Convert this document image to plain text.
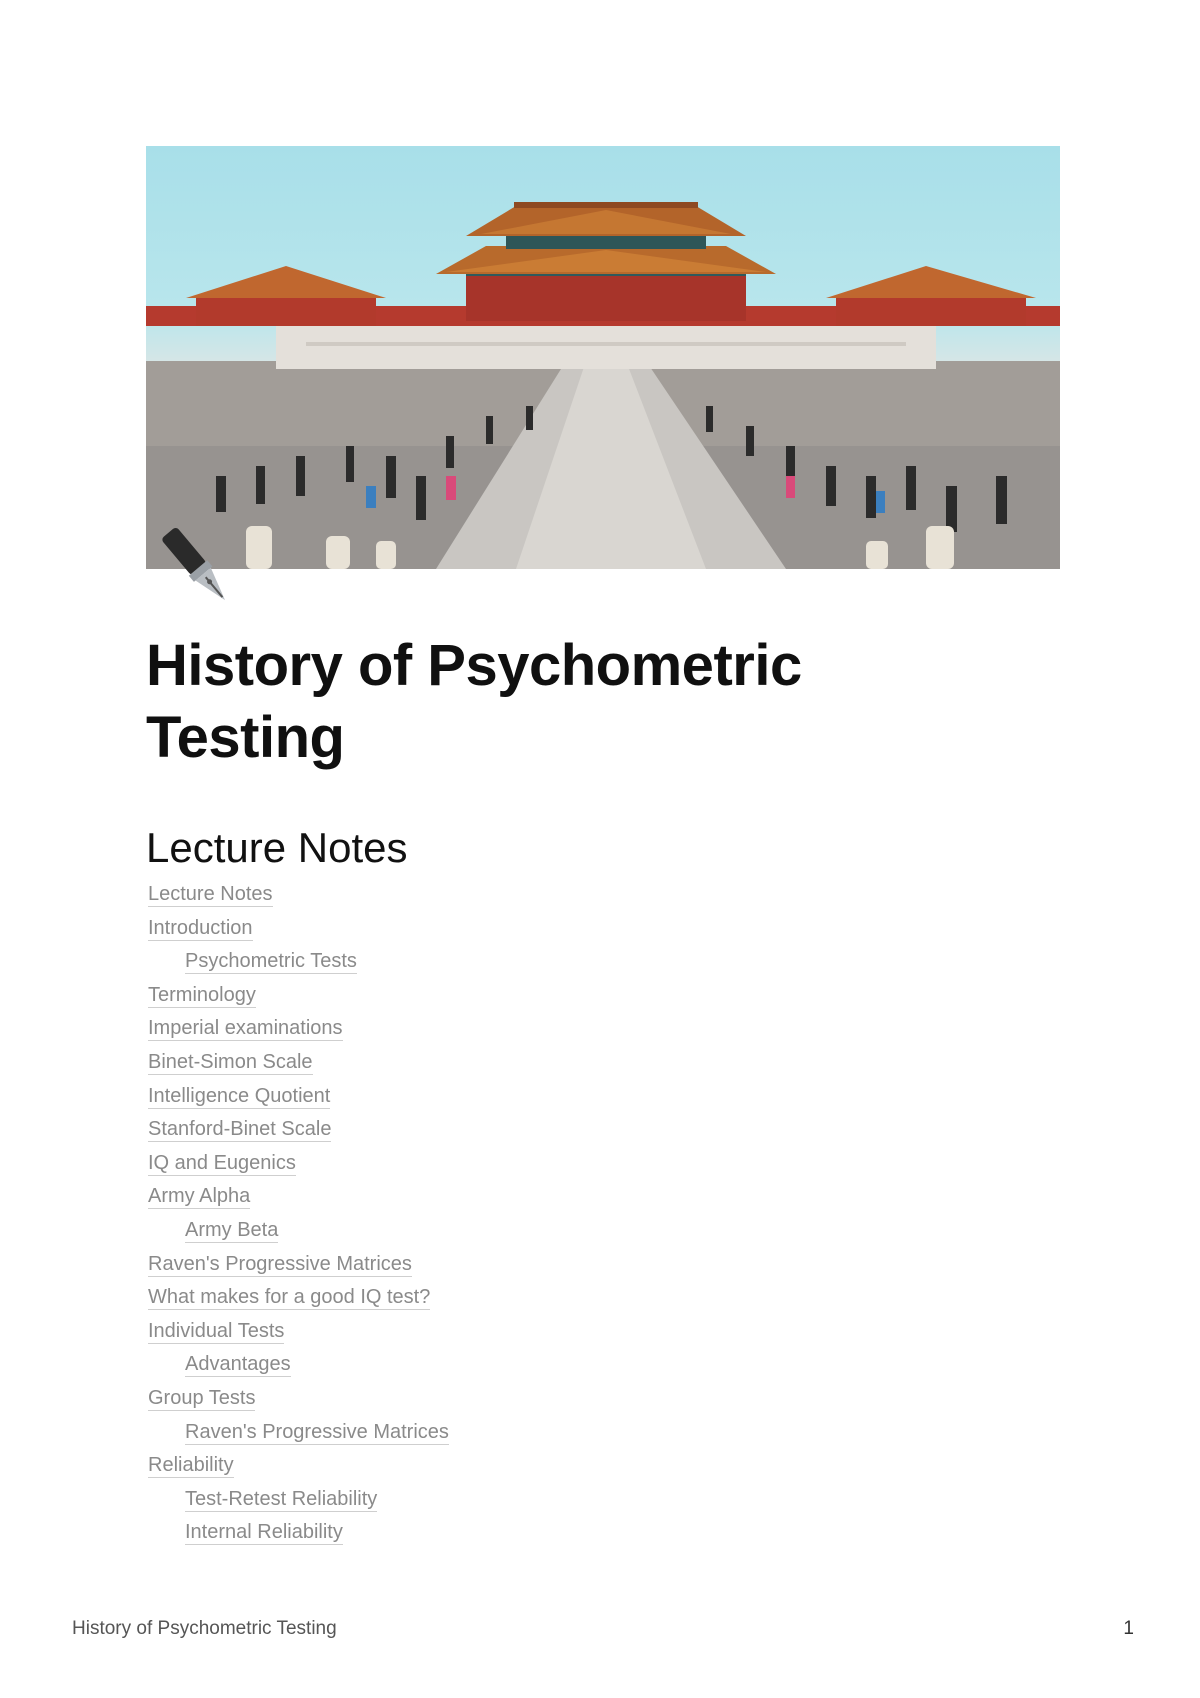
History of Psychometric Testing
Lecture Notes
Lecture Notes
Introduction
Psychometric Tests
Terminology
Imperial examinations
Binet-Simon Scale
Intelligence Quotient
Stanford-Binet Scale
IQ and Eugenics
Army Alpha
Army Beta
Raven's Progressive Matrices
What makes for a good IQ test?
Individual Tests
Advantages
Group Tests
Raven's Progressive Matrices
Reliability
Test-Retest Reliability
Internal Reliability
History of Psychometric Testing	1
